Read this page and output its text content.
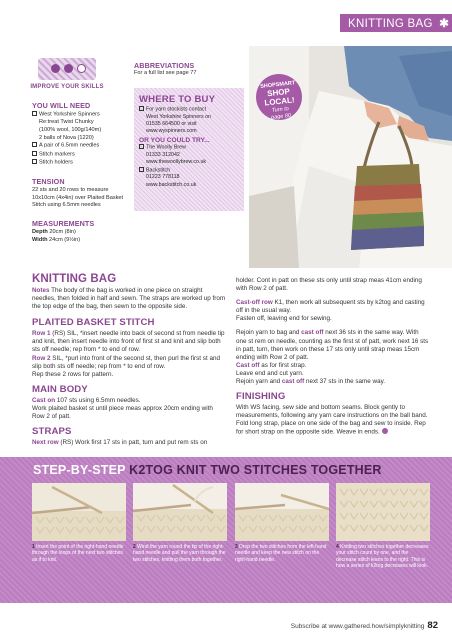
KNITTING BAG ✱
IMPROVE YOUR SKILLS
YOU WILL NEED
West Yorkshire Spinners
Re:treat Twist Chunky
(100% wool, 100g/140m)
2 balls of Nova (1220)
A pair of 6.5mm needles
Stitch markers
Stitch holders
TENSION
22 sts and 20 rows to measure
10x10cm (4x4in) over Plaited Basket
Stitch using 6.5mm needles
MEASUREMENTS
Depth 20cm (8in)
Width 24cm (9½in)
ABBREVIATIONS
For a full list see page 77
WHERE TO BUY
For yarn stockists contact
West Yorkshire Spinners on
01535 664500 or visit
www.wyspinners.com
OR YOU COULD TRY...
The Woolly Brew
01333 312042
www.thewoollybrew.co.uk
Backstitch
01223 778118
www.backstitch.co.uk
SHOPSMART
SHOP
LOCAL!
Turn to
page 80
KNITTING BAG

Notes The body of the bag is worked in one piece on straight needles, then folded in half and sewn. The straps are worked up from the top edge of the bag, then sewn to the opposite side.

PLAITED BASKET STITCH

Row 1 (RS) SIL, *insert needle into back of second st from needle tip and knit, then insert needle into front of first st and knit and slip both sts off needle; rep from * to end of row.

Row 2 SIL, *purl into front of the second st, then purl the first st and slip both sts off needle; rep from * to end of row.

Rep these 2 rows for pattern.

MAIN BODY

Cast on 107 sts using 6.5mm needles.

Work plaited basket st until piece meas approx 20cm ending with Row 2 of patt.

STRAPS

Next row (RS) Work first 17 sts in patt, turn and put rem sts on

holder. Cont in patt on these sts only until strap meas 41cm ending with Row 2 of patt.

Cast-off row K1, then work all subsequent sts by k2tog and casting off in the usual way.

Fasten off, leaving end for sewing.

Rejoin yarn to bag and cast off next 36 sts in the same way. With one st rem on needle, counting as the first st of patt, work next 16 sts in patt, turn, then work on these 17 sts only until strap meas 15cm ending with Row 2 of patt.

Cast off as for first strap.

Leave end and cut yarn.

Rejoin yarn and cast off next 37 sts in the same way.

FINISHING

With WS facing, sew side and bottom seams. Block gently to measurements, following any yarn care instructions on the ball band. Fold long strap, place on one side of the bag and sew to inside. Rep for short strap on the opposite side. Weave in ends.

STEP-BY-STEP K2TOG KNIT TWO STITCHES TOGETHER
1 Insert the point of the right-hand needle through the loops of the next two stitches as if to knit.
2 Wind the yarn round the tip of the right-hand needle and pull the yarn through the two stitches, knitting them both together.
3 Drop the two stitches from the left-hand needle and keep the new stitch on the right-hand needle.
4 Knitting two stitches together decreases your stitch count by one, and the decrease stitch leans to the right. This is how a series of k2tog decreases will look.
Subscribe at www.gathered.how/simplyknitting 82
